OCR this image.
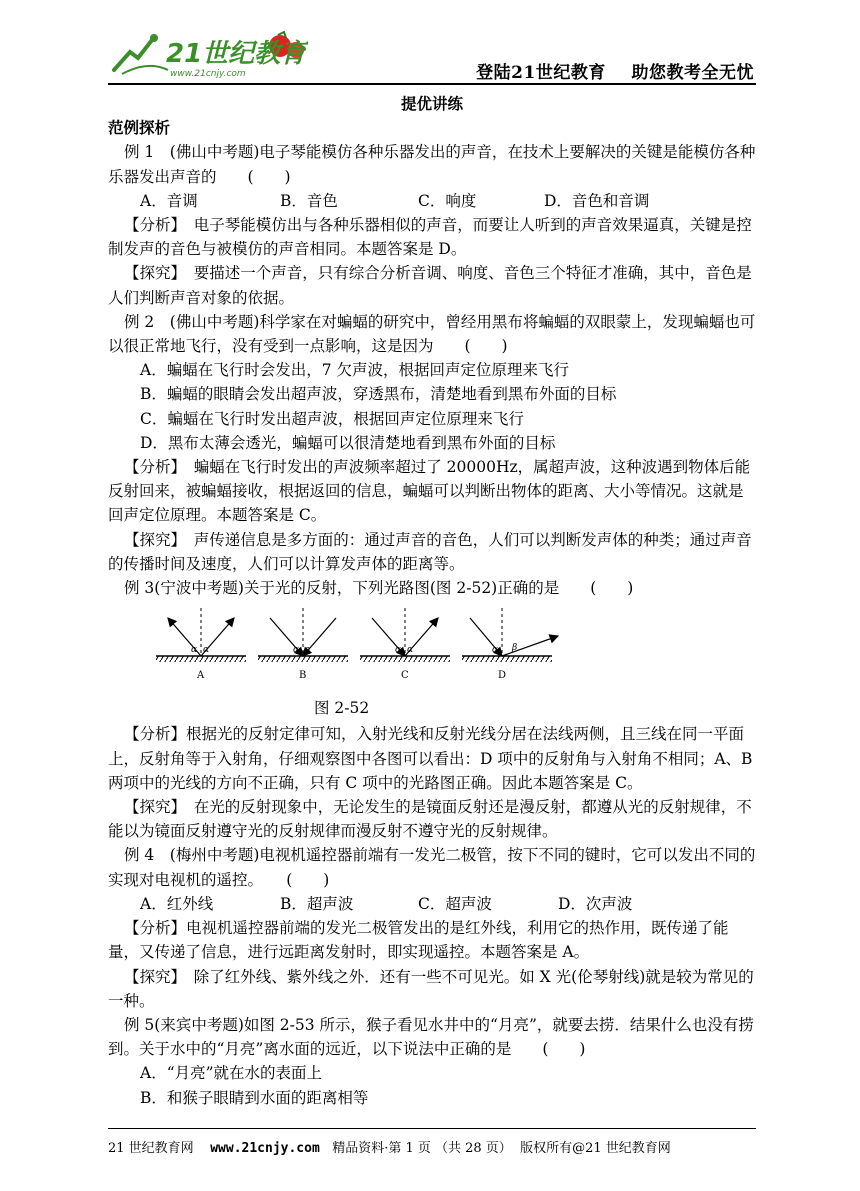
21世纪教育
www.21cnjy.com	登陆21世纪教育    助您教考全无忧

提优讲练

范例探析

例 1　(佛山中考题)电子琴能模仿各种乐器发出的声音，在技术上要解决的关键是能模仿各种乐器发出声音的　　(　　)

A．音调	B．音色	C．响度	D．音色和音调

【分析】　电子琴能模仿出与各种乐器相似的声音，而要让人听到的声音效果逼真，关键是控制发声的音色与被模仿的声音相同。本题答案是 D。

【探究】　要描述一个声音，只有综合分析音调、响度、音色三个特征才准确，其中，音色是人们判断声音对象的依据。

例 2　(佛山中考题)科学家在对蝙蝠的研究中，曾经用黑布将蝙蝠的双眼蒙上，发现蝙蝠也可以很正常地飞行，没有受到一点影响，这是因为　　(　　)

A．蝙蝠在飞行时会发出，7 欠声波，根据回声定位原理来飞行

B．蝙蝠的眼睛会发出超声波，穿透黑布，清楚地看到黑布外面的目标

C．蝙蝠在飞行时发出超声波，根据回声定位原理来飞行

D．黑布太薄会透光，蝙蝠可以很清楚地看到黑布外面的目标

【分析】　蝙蝠在飞行时发出的声波频率超过了 20000Hz，属超声波，这种波遇到物体后能反射回来，被蝙蝠接收，根据返回的信息，蝙蝠可以判断出物体的距离、大小等情况。这就是回声定位原理。本题答案是 C。

【探究】　声传递信息是多方面的：通过声音的音色，人们可以判断发声体的种类；通过声音的传播时间及速度，人们可以计算发声体的距离等。

例 3(宁波中考题)关于光的反射，下列光路图(图 2-52)正确的是　　(　　)

α α
A
α α
B
α α
C
α β
D

图 2-52

【分析】根据光的反射定律可知，入射光线和反射光线分居在法线两侧，且三线在同一平面上，反射角等于入射角，仔细观察图中各图可以看出：D 项中的反射角与入射角不相同；A、B 两项中的光线的方向不正确，只有 C 项中的光路图正确。因此本题答案是 C。

【探究】　在光的反射现象中，无论发生的是镜面反射还是漫反射，都遵从光的反射规律，不能以为镜面反射遵守光的反射规律而漫反射不遵守光的反射规律。

例 4　(梅州中考题)电视机遥控器前端有一发光二极管，按下不同的键时，它可以发出不同的实现对电视机的遥控。　　(　　)

A．红外线	B．超声波	C．超声波	D．次声波

【分析】电视机遥控器前端的发光二极管发出的是红外线，利用它的热作用，既传递了能量，又传递了信息，进行远距离发射时，即实现遥控。本题答案是 A。

【探究】　除了红外线、紫外线之外．还有一些不可见光。如 X 光(伦琴射线)就是较为常见的一种。

例 5(来宾中考题)如图 2-53 所示，猴子看见水井中的“月亮”，就要去捞．结果什么也没有捞到。关于水中的“月亮”离水面的远近，以下说法中正确的是　　(　　)

A．“月亮”就在水的表面上

B．和猴子眼睛到水面的距离相等

21 世纪教育网    www.21cnjy.com   精品资料·第 1 页 （共 28 页）  版权所有@21 世纪教育网
